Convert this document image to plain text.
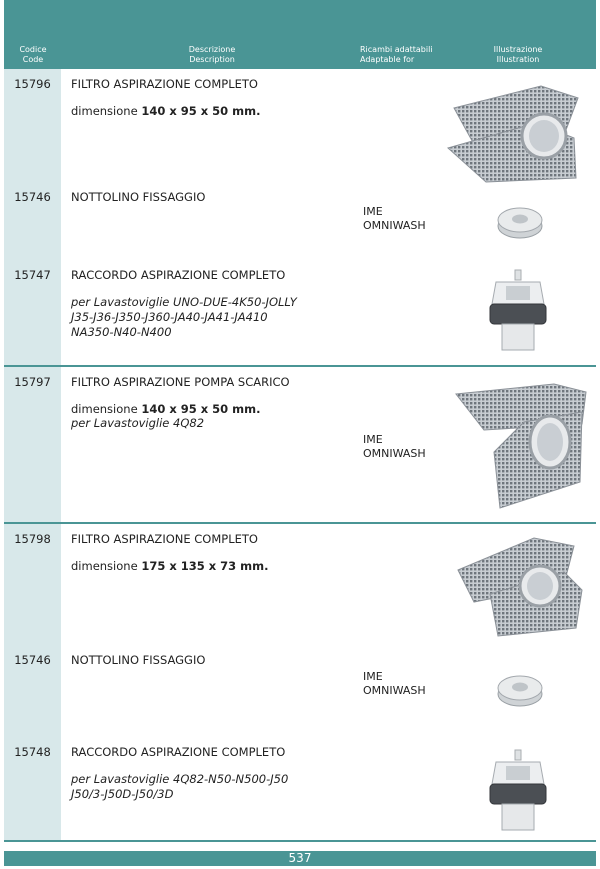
Codice
Code
Descrizione
Description
Ricambi adattabili
Adaptable for
Illustrazione
Illustration
15796	FILTRO ASPIRAZIONE COMPLETO
dimensione 140 x 95 x 50 mm.
15746	NOTTOLINO FISSAGGIO
IME
OMNIWASH
15747	RACCORDO ASPIRAZIONE COMPLETO
per Lavastoviglie UNO-DUE-4K50-JOLLY
J35-J36-J350-J360-JA40-JA41-JA410
NA350-N40-N400
15797	FILTRO ASPIRAZIONE POMPA SCARICO
dimensione 140 x 95 x 50 mm.
per Lavastoviglie 4Q82
IME
OMNIWASH
15798	FILTRO ASPIRAZIONE COMPLETO
dimensione 175 x 135 x 73 mm.
15746	NOTTOLINO FISSAGGIO
IME
OMNIWASH
15748	RACCORDO ASPIRAZIONE COMPLETO
per Lavastoviglie 4Q82-N50-N500-J50
J50/3-J50D-J50/3D
537
